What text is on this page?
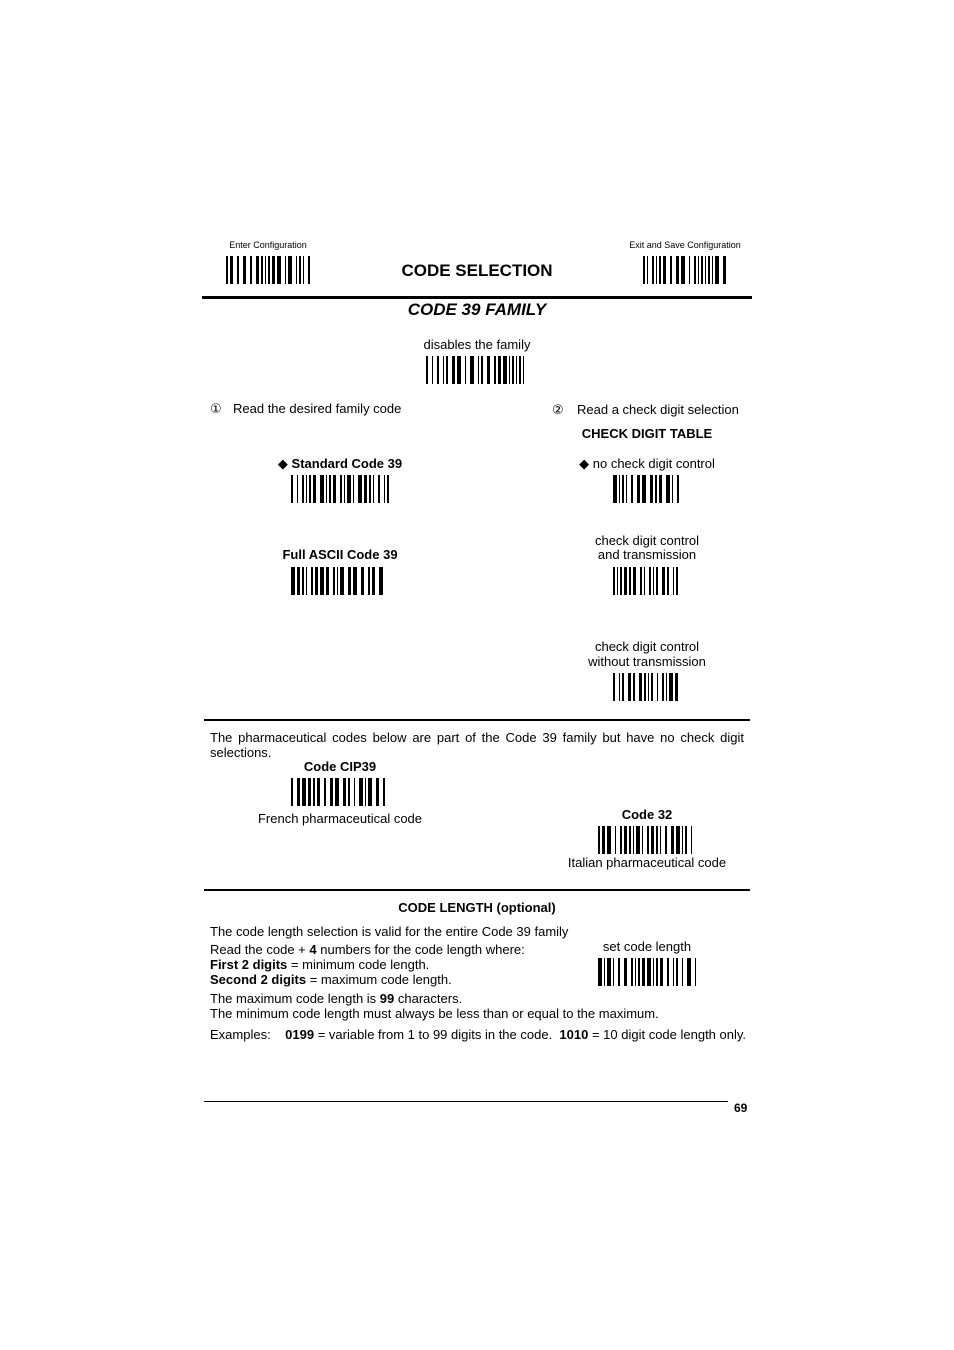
Enter Configuration
CODE SELECTION
Exit and Save Configuration
CODE 39 FAMILY
disables the family
① Read the desired family code	② Read a check digit selection
◆ Standard Code 39
Full ASCII Code 39
CHECK DIGIT TABLE
◆ no check digit control
check digit control
and transmission
check digit control
without transmission
The pharmaceutical codes below are part of the Code 39 family but have no check digit selections.
Code CIP39
French pharmaceutical code	Code 32
Italian pharmaceutical code
CODE LENGTH (optional)
The code length selection is valid for the entire Code 39 family
Read the code + 4 numbers for the code length where:
First 2 digits = minimum code length.
Second 2 digits = maximum code length.
The maximum code length is 99 characters.
The minimum code length must always be less than or equal to the maximum.
Examples: 0199 = variable from 1 to 99 digits in the code. 1010 = 10 digit code length only.
set code length
69
